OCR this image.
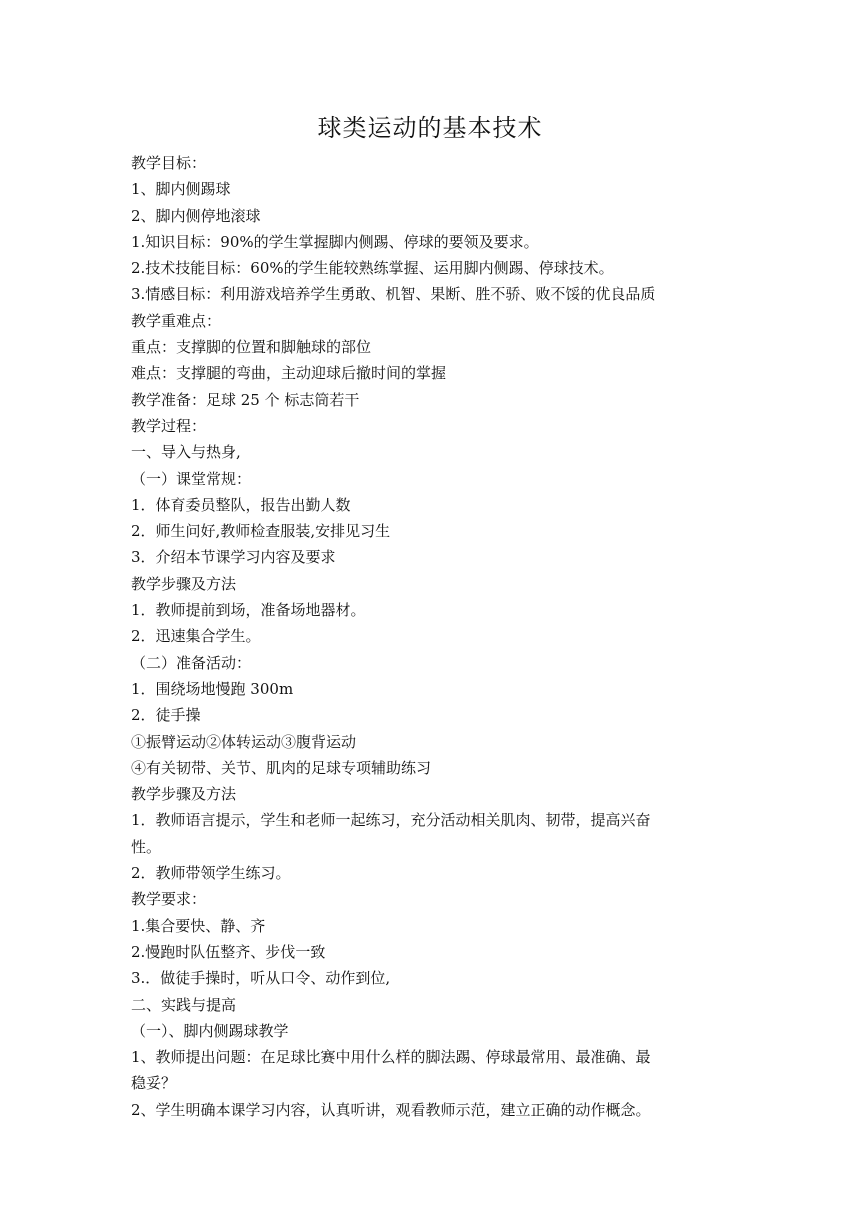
球类运动的基本技术

教学目标：

1、脚内侧踢球

2、脚内侧停地滚球

1.知识目标：90%的学生掌握脚内侧踢、停球的要领及要求。

2.技术技能目标：60%的学生能较熟练掌握、运用脚内侧踢、停球技术。

3.情感目标：利用游戏培养学生勇敢、机智、果断、胜不骄、败不馁的优良品质

教学重难点：

重点：支撑脚的位置和脚触球的部位

难点：支撑腿的弯曲，主动迎球后撤时间的掌握

教学准备：足球 25 个 标志筒若干

教学过程：

一、导入与热身,

（一）课堂常规：

1．体育委员整队，报告出勤人数

2．师生问好,教师检查服装,安排见习生

3．介绍本节课学习内容及要求

教学步骤及方法

1．教师提前到场，准备场地器材。

2．迅速集合学生。

（二）准备活动：

1．围绕场地慢跑 300m

2．徒手操

①振臂运动②体转运动③腹背运动

④有关韧带、关节、肌肉的足球专项辅助练习

教学步骤及方法

1．教师语言提示，学生和老师一起练习，充分活动相关肌肉、韧带，提高兴奋

性。

2．教师带领学生练习。

教学要求：

1.集合要快、静、齐

2.慢跑时队伍整齐、步伐一致

3.．做徒手操时，听从口令、动作到位,

二、实践与提高

（一）、脚内侧踢球教学

1、教师提出问题：在足球比赛中用什么样的脚法踢、停球最常用、最准确、最

稳妥？

2、学生明确本课学习内容，认真听讲，观看教师示范，建立正确的动作概念。
